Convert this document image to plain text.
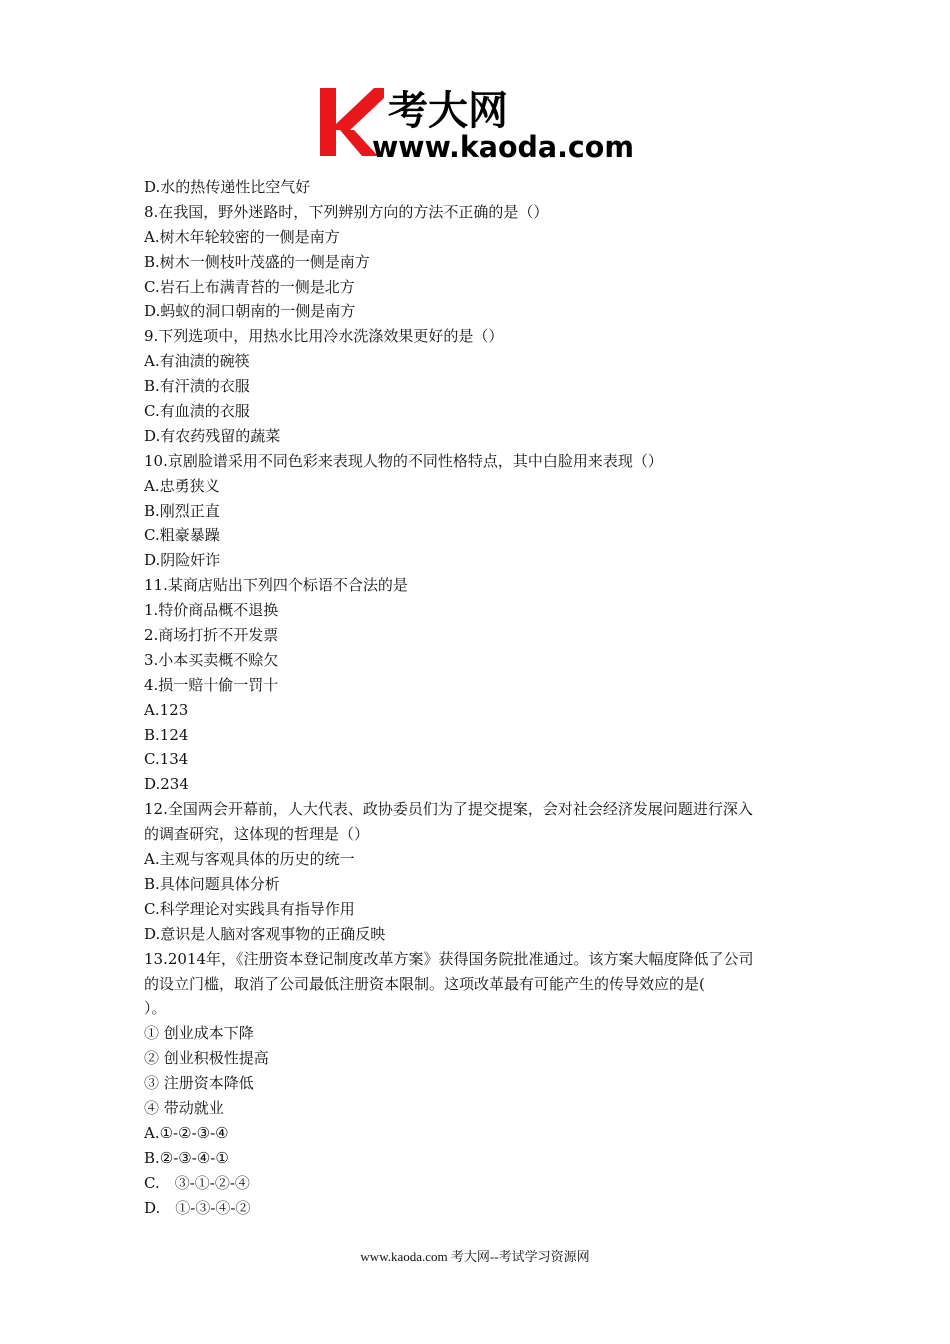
考大网
www.kaoda.com
D.水的热传递性比空气好
8.在我国，野外迷路时，下列辨别方向的方法不正确的是（）
A.树木年轮较密的一侧是南方
B.树木一侧枝叶茂盛的一侧是南方
C.岩石上布满青苔的一侧是北方
D.蚂蚁的洞口朝南的一侧是南方
9.下列选项中，用热水比用冷水洗涤效果更好的是（）
A.有油渍的碗筷
B.有汗渍的衣服
C.有血渍的衣服
D.有农药残留的蔬菜
10.京剧脸谱采用不同色彩来表现人物的不同性格特点，其中白脸用来表现（）
A.忠勇狭义
B.刚烈正直
C.粗豪暴躁
D.阴险奸诈
11.某商店贴出下列四个标语不合法的是
1.特价商品概不退换
2.商场打折不开发票
3.小本买卖概不赊欠
4.损一赔十偷一罚十
A.123
B.124
C.134
D.234
12.全国两会开幕前，人大代表、政协委员们为了提交提案，会对社会经济发展问题进行深入
的调查研究，这体现的哲理是（）
A.主观与客观具体的历史的统一
B.具体问题具体分析
C.科学理论对实践具有指导作用
D.意识是人脑对客观事物的正确反映
13.2014年，《注册资本登记制度改革方案》获得国务院批准通过。该方案大幅度降低了公司
的设立门槛，取消了公司最低注册资本限制。这项改革最有可能产生的传导效应的是(
）。
① 创业成本下降
② 创业积极性提高
③ 注册资本降低
④ 带动就业
A.①-②-③-④
B.②-③-④-①
C.　③-①-②-④
D.　①-③-④-②
www.kaoda.com 考大网--考试学习资源网
